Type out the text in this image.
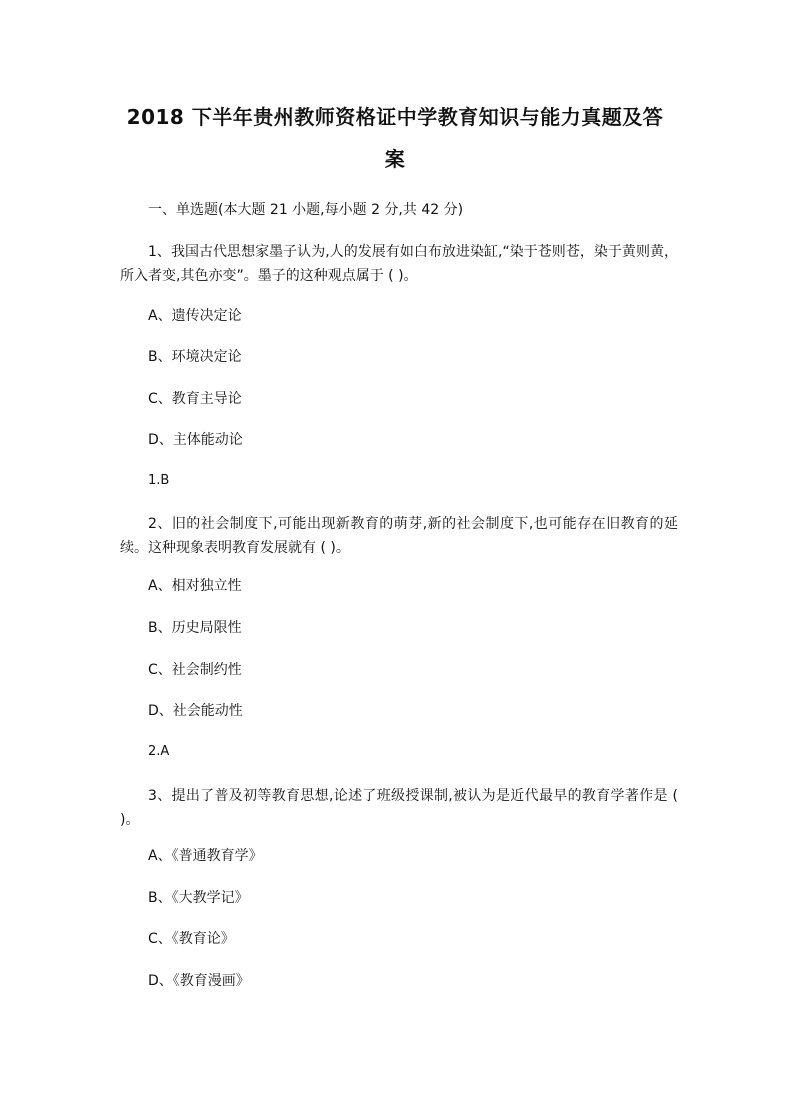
2018 下半年贵州教师资格证中学教育知识与能力真题及答
案
一、单选题(本大题 21 小题,每小题 2 分,共 42 分)
1、我国古代思想家墨子认为,人的发展有如白布放进染缸,“染于苍则苍，染于黄则黄，所入者变,其色亦变”。墨子的这种观点属于 ( )。
A、遗传决定论
B、环境决定论
C、教育主导论
D、主体能动论
1.B
2、旧的社会制度下,可能出现新教育的萌芽,新的社会制度下,也可能存在旧教育的延续。这种现象表明教育发展就有 ( )。
A、相对独立性
B、历史局限性
C、社会制约性
D、社会能动性
2.A
3、提出了普及初等教育思想,论述了班级授课制,被认为是近代最早的教育学著作是 ( )。
A、《普通教育学》
B、《大教学记》
C、《教育论》
D、《教育漫画》
